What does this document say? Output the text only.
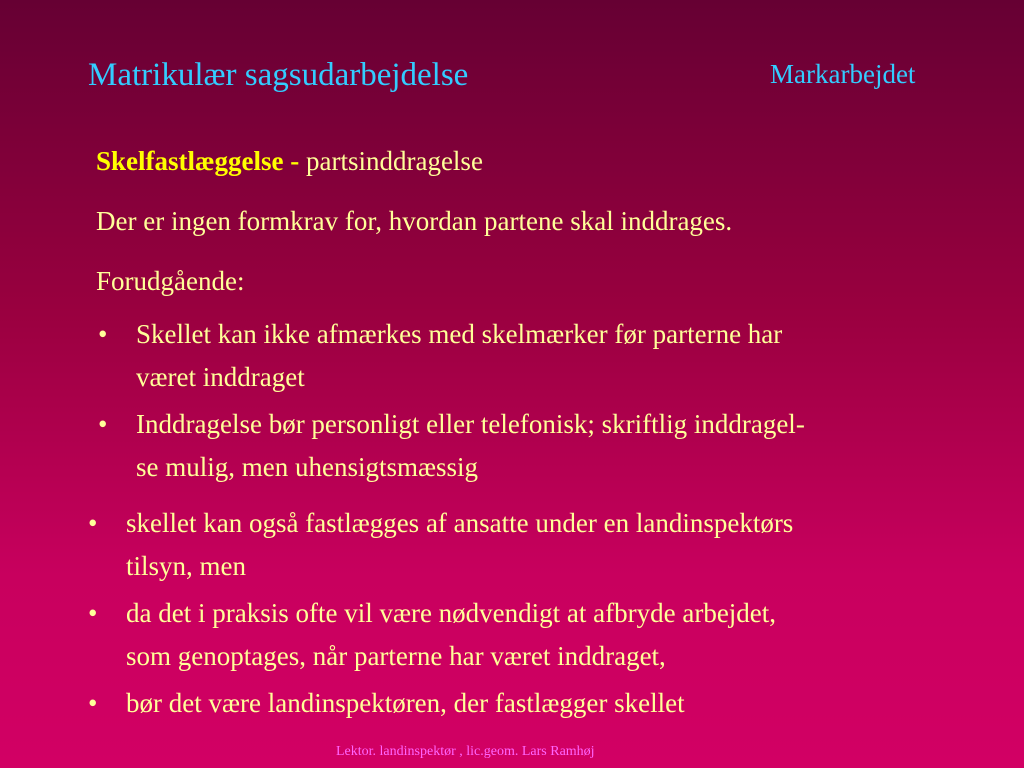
Matrikulær sagsudarbejdelse	Markarbejdet
Skelfastlæggelse - partsinddragelse
Der er ingen formkrav for, hvordan partene skal inddrages.
Forudgående:
•	Skellet kan ikke afmærkes med skelmærker før parterne har
været inddraget
•	Inddragelse bør personligt eller telefonisk; skriftlig inddragel-
se mulig, men uhensigtsmæssig
•	skellet kan også fastlægges af ansatte under en landinspektørs
tilsyn, men
•	da det i praksis ofte vil være nødvendigt at afbryde arbejdet,
som genoptages, når parterne har været inddraget,
•	bør det være landinspektøren, der fastlægger skellet
Lektor. landinspektør , lic.geom. Lars Ramhøj
